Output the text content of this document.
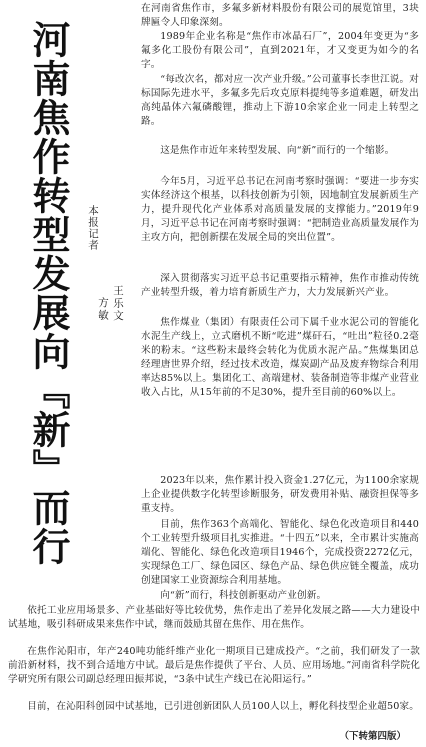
河南焦作转型发展向『新』而行 本报记者
王乐文
方敏

在河南省焦作市，多氟多新材料股份有限公司的展览馆里，3块牌匾令人印象深刻。

1989年企业名称是“焦作市冰晶石厂”，2004年变更为“多氟多化工股份有限公司”，直到2021年，才又变更为如今的名字。

“每改次名，都对应一次产业升级。”公司董事长李世江说。对标国际先进水平，多氟多先后攻克原料提纯等多道难题，研发出高纯晶体六氟磷酸锂，推动上下游10余家企业一同走上转型之路。

这是焦作市近年来转型发展、向“新”而行的一个缩影。

今年5月，习近平总书记在河南考察时强调：“要进一步夯实实体经济这个根基，以科技创新为引领，因地制宜发展新质生产力，提升现代化产业体系对高质量发展的支撑能力。”2019年9月，习近平总书记在河南考察时强调：“把制造业高质量发展作为主攻方向，把创新摆在发展全局的突出位置”。

深入贯彻落实习近平总书记重要指示精神，焦作市推动传统产业转型升级，着力培育新质生产力，大力发展新兴产业。

焦作煤业（集团）有限责任公司下属千业水泥公司的智能化水泥生产线上，立式磨机不断“吃进”煤矸石，“吐出”粒径0.2毫米的粉末。“这些粉末最终会转化为优质水泥产品。”焦煤集团总经理唐世界介绍，经过技术改造，煤炭副产品及废弃物综合利用率达85%以上。集团化工、高端建材、装备制造等非煤产业营业收入占比，从15年前的不足30%，提升至目前的60%以上。

2023年以来，焦作累计投入资金1.27亿元，为1100余家规上企业提供数字化转型诊断服务，研发费用补贴、融资担保等多重支持。

目前，焦作363个高端化、智能化、绿色化改造项目和440个工业转型升级项目扎实推进。“十四五”以来，全市累计实施高端化、智能化、绿色化改造项目1946个，完成投资2272亿元，实现绿色工厂、绿色园区、绿色产品、绿色供应链全覆盖，成功创建国家工业资源综合利用基地。

向“新”而行，科技创新驱动产业创新。

依托工业应用场景多、产业基础好等比较优势，焦作走出了差异化发展之路——大力建设中试基地，吸引科研成果来焦作中试，继而鼓励其留在焦作、用在焦作。

在焦作沁阳市，年产240吨功能纤维产业化一期项目已建成投产。“之前，我们研发了一款前沿新材料，找不到合适地方中试。最后是焦作提供了平台、人员、应用场地。”河南省科学院化学研究所有限公司副总经理田振邦说，“3条中试生产线已在沁阳运行。”

目前，在沁阳科创园中试基地，已引进创新团队人员100人以上，孵化科技型企业超50家。

（下转第四版）
